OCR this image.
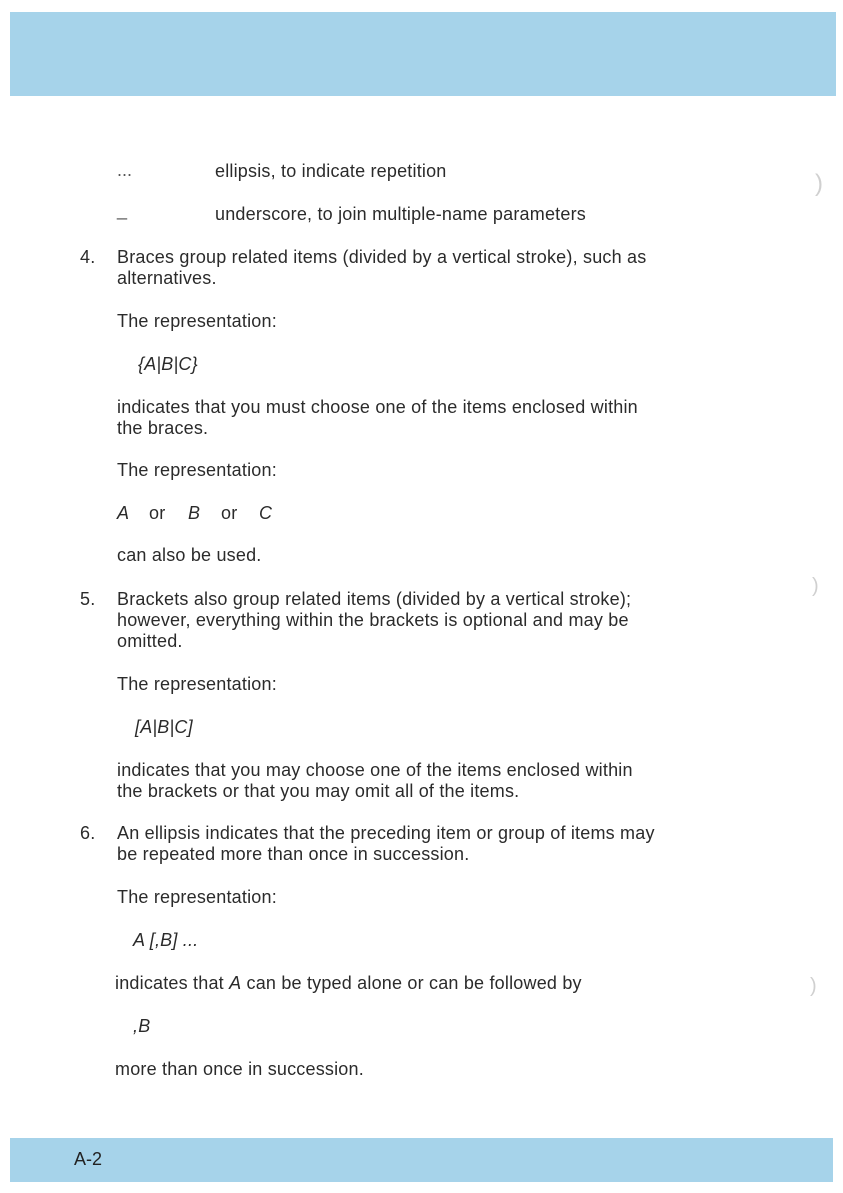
...	ellipsis, to indicate repetition
_	underscore, to join multiple-name parameters
4. Braces group related items (divided by a vertical stroke), such as
alternatives.
The representation:
{A|B|C}
indicates that you must choose one of the items enclosed within
the braces.
The representation:
A or B or C
can also be used.
5. Brackets also group related items (divided by a vertical stroke);
however, everything within the brackets is optional and may be
omitted.
The representation:
[A|B|C]
indicates that you may choose one of the items enclosed within
the brackets or that you may omit all of the items.
6. An ellipsis indicates that the preceding item or group of items may
be repeated more than once in succession.
The representation:
A [,B] ...
indicates that A can be typed alone or can be followed by
,B
more than once in succession.
)
)
)
A-2
